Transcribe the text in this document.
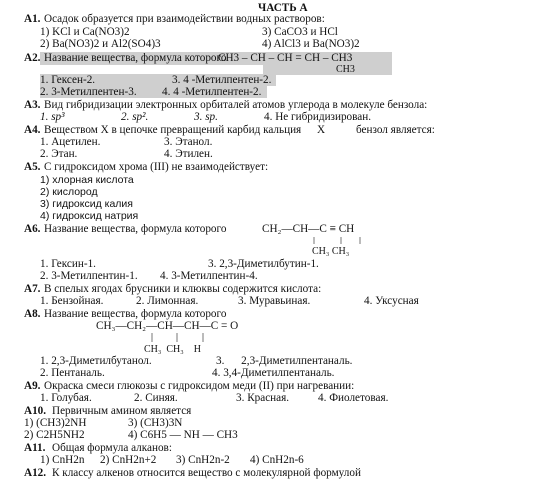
ЧАСТЬ А
А1. Осадок образуется при взаимодействии водных растворов:
1) KCl и Ca(NO3)2	3) CaCO3 и HCl
2) Ba(NO3)2 и Al2(SO4)3	4) AlCl3 и Ba(NO3)2
А2. Название вещества, формула которого
CH3 – CH – CH = CH – CH3
CH3
1. Гексен-2.	3. 4 -Метилпентен-2.
2. 3-Метилпентен-3. 4. 4 -Метилпентен-2.
А3. Вид гибридизации электронных орбиталей атомов углерода в молекуле бензола:
1. sp³	2. sp².	3. sp.	4. Не гибридизирован.
А4. Веществом Х в цепочке превращений карбид кальция X	бензол является:
1. Ацетилен.	3. Этанол.
2. Этан.	4. Этилен.
А5. С гидроксидом хрома (III) не взаимодействует:
1) хлорная кислота
2) кислород
3) гидроксид калия
4) гидроксид натрия
А6. Название вещества, формула которого	CH₂—CH—C ≡ CH
CH₃ CH₃
1. Гексин-1.	3. 2,3-Диметилбутин-1.
2. 3-Метилпентин-1. 4. 3-Метилпентин-4.
А7. В спелых ягодах брусники и клюквы содержится кислота:
1. Бензойная.	2. Лимонная.	3. Муравьиная.	4. Уксусная
А8. Название вещества, формула которого
CH₃—CH₂—CH—CH—C = O
CH₃  CH₃    H
1. 2,3-Диметилбутанол.	3.      2,3-Диметилпентаналь.
2. Пентаналь.	4. 3,4-Диметилпентаналь.
А9. Окраска смеси глюкозы с гидроксидом меди (II) при нагревании:
1. Голубая.	2. Синяя.	3. Красная.	4. Фиолетовая.
А10. Первичным амином является
1) (CH3)2NH	3) (CH3)3N
2) C2H5NH2	4) C6H5 — NH — CH3
А11. Общая формула алканов:
1) CnH2n 2) CnH2n+2 3) CnH2n-2 4) CnH2n-6
А12. К классу алкенов относится вещество с молекулярной формулой
